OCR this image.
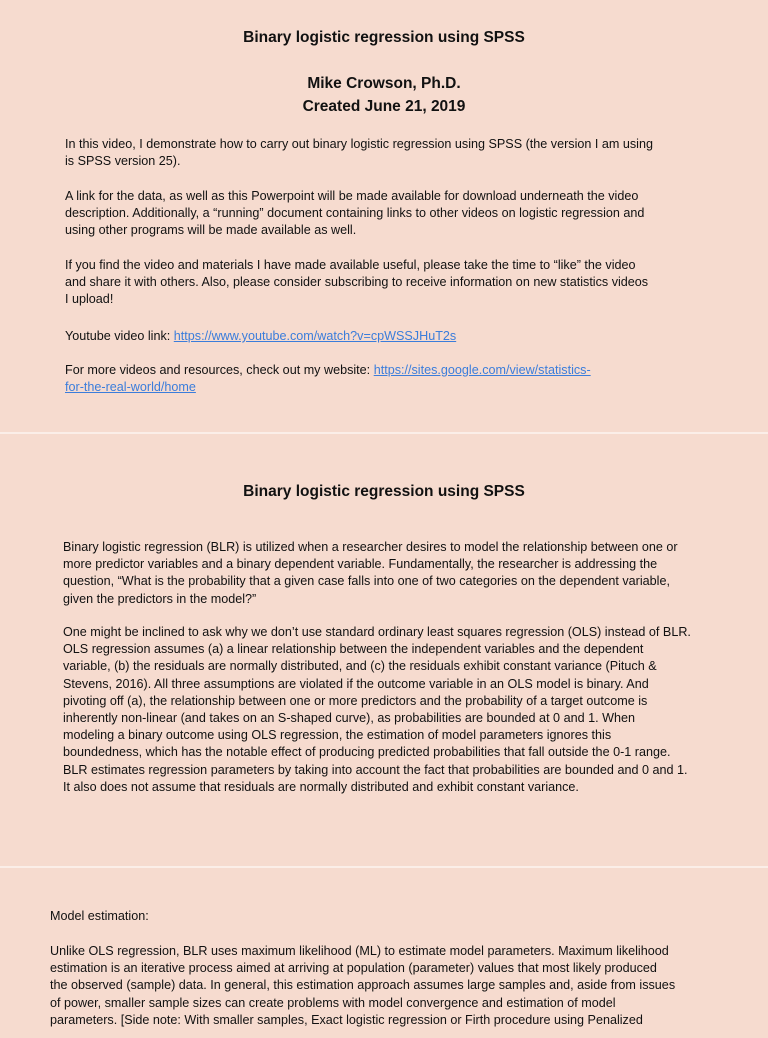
Binary logistic regression using SPSS

Mike Crowson, Ph.D.

Created June 21, 2019

In this video, I demonstrate how to carry out binary logistic regression using SPSS (the version I am using
is SPSS version 25).
A link for the data, as well as this Powerpoint will be made available for download underneath the video
description. Additionally, a “running” document containing links to other videos on logistic regression and
using other programs will be made available as well.
If you find the video and materials I have made available useful, please take the time to “like” the video
and share it with others. Also, please consider subscribing to receive information on new statistics videos
I upload!
Youtube video link: https://www.youtube.com/watch?v=cpWSSJHuT2s
For more videos and resources, check out my website: https://sites.google.com/view/statistics-
for-the-real-world/home

Binary logistic regression using SPSS

Binary logistic regression (BLR) is utilized when a researcher desires to model the relationship between one or
more predictor variables and a binary dependent variable. Fundamentally, the researcher is addressing the
question, “What is the probability that a given case falls into one of two categories on the dependent variable,
given the predictors in the model?”
One might be inclined to ask why we don’t use standard ordinary least squares regression (OLS) instead of BLR.
OLS regression assumes (a) a linear relationship between the independent variables and the dependent
variable, (b) the residuals are normally distributed, and (c) the residuals exhibit constant variance (Pituch &
Stevens, 2016). All three assumptions are violated if the outcome variable in an OLS model is binary. And
pivoting off (a), the relationship between one or more predictors and the probability of a target outcome is
inherently non-linear (and takes on an S-shaped curve), as probabilities are bounded at 0 and 1. When
modeling a binary outcome using OLS regression, the estimation of model parameters ignores this
boundedness, which has the notable effect of producing predicted probabilities that fall outside the 0-1 range.
BLR estimates regression parameters by taking into account the fact that probabilities are bounded and 0 and 1.
It also does not assume that residuals are normally distributed and exhibit constant variance.
Model estimation:
Unlike OLS regression, BLR uses maximum likelihood (ML) to estimate model parameters. Maximum likelihood
estimation is an iterative process aimed at arriving at population (parameter) values that most likely produced
the observed (sample) data. In general, this estimation approach assumes large samples and, aside from issues
of power, smaller sample sizes can create problems with model convergence and estimation of model
parameters. [Side note: With smaller samples, Exact logistic regression or Firth procedure using Penalized
